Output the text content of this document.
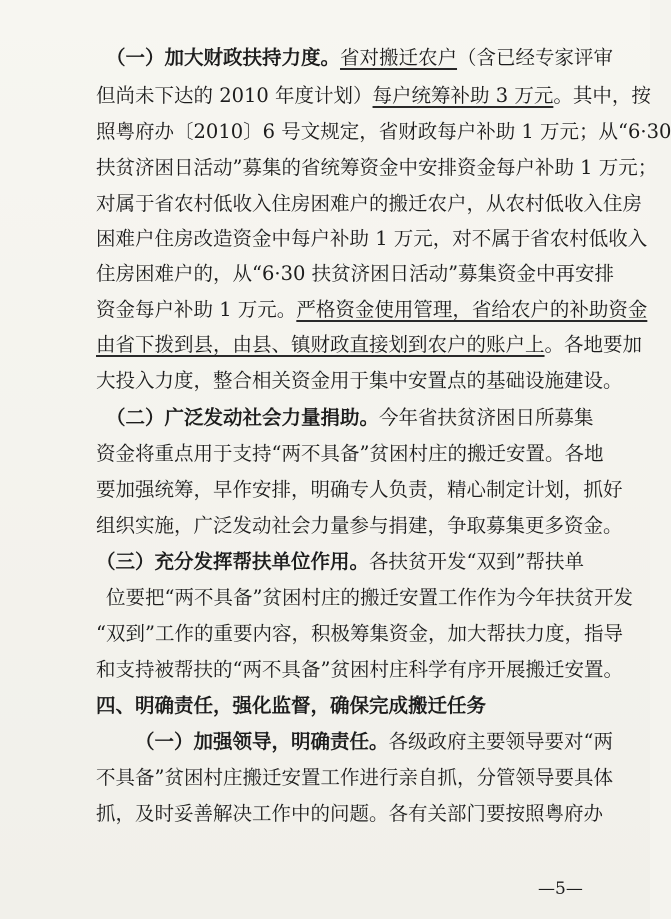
（一）加大财政扶持力度。省对搬迁农户（含已经专家评审
但尚未下达的 2010 年度计划）每户统筹补助 3 万元。其中，按
照粤府办〔2010〕6 号文规定，省财政每户补助 1 万元；从“6·30
扶贫济困日活动”募集的省统筹资金中安排资金每户补助 1 万元；
对属于省农村低收入住房困难户的搬迁农户，从农村低收入住房
困难户住房改造资金中每户补助 1 万元，对不属于省农村低收入
住房困难户的，从“6·30 扶贫济困日活动”募集资金中再安排
资金每户补助 1 万元。严格资金使用管理，省给农户的补助资金
由省下拨到县，由县、镇财政直接划到农户的账户上。各地要加
大投入力度，整合相关资金用于集中安置点的基础设施建设。
（二）广泛发动社会力量捐助。今年省扶贫济困日所募集
资金将重点用于支持“两不具备”贫困村庄的搬迁安置。各地
要加强统筹，早作安排，明确专人负责，精心制定计划，抓好
组织实施，广泛发动社会力量参与捐建，争取募集更多资金。
（三）充分发挥帮扶单位作用。各扶贫开发“双到”帮扶单
位要把“两不具备”贫困村庄的搬迁安置工作作为今年扶贫开发
“双到”工作的重要内容，积极筹集资金，加大帮扶力度，指导
和支持被帮扶的“两不具备”贫困村庄科学有序开展搬迁安置。
四、明确责任，强化监督，确保完成搬迁任务
（一）加强领导，明确责任。各级政府主要领导要对“两
不具备”贫困村庄搬迁安置工作进行亲自抓，分管领导要具体
抓，及时妥善解决工作中的问题。各有关部门要按照粤府办
—5—
